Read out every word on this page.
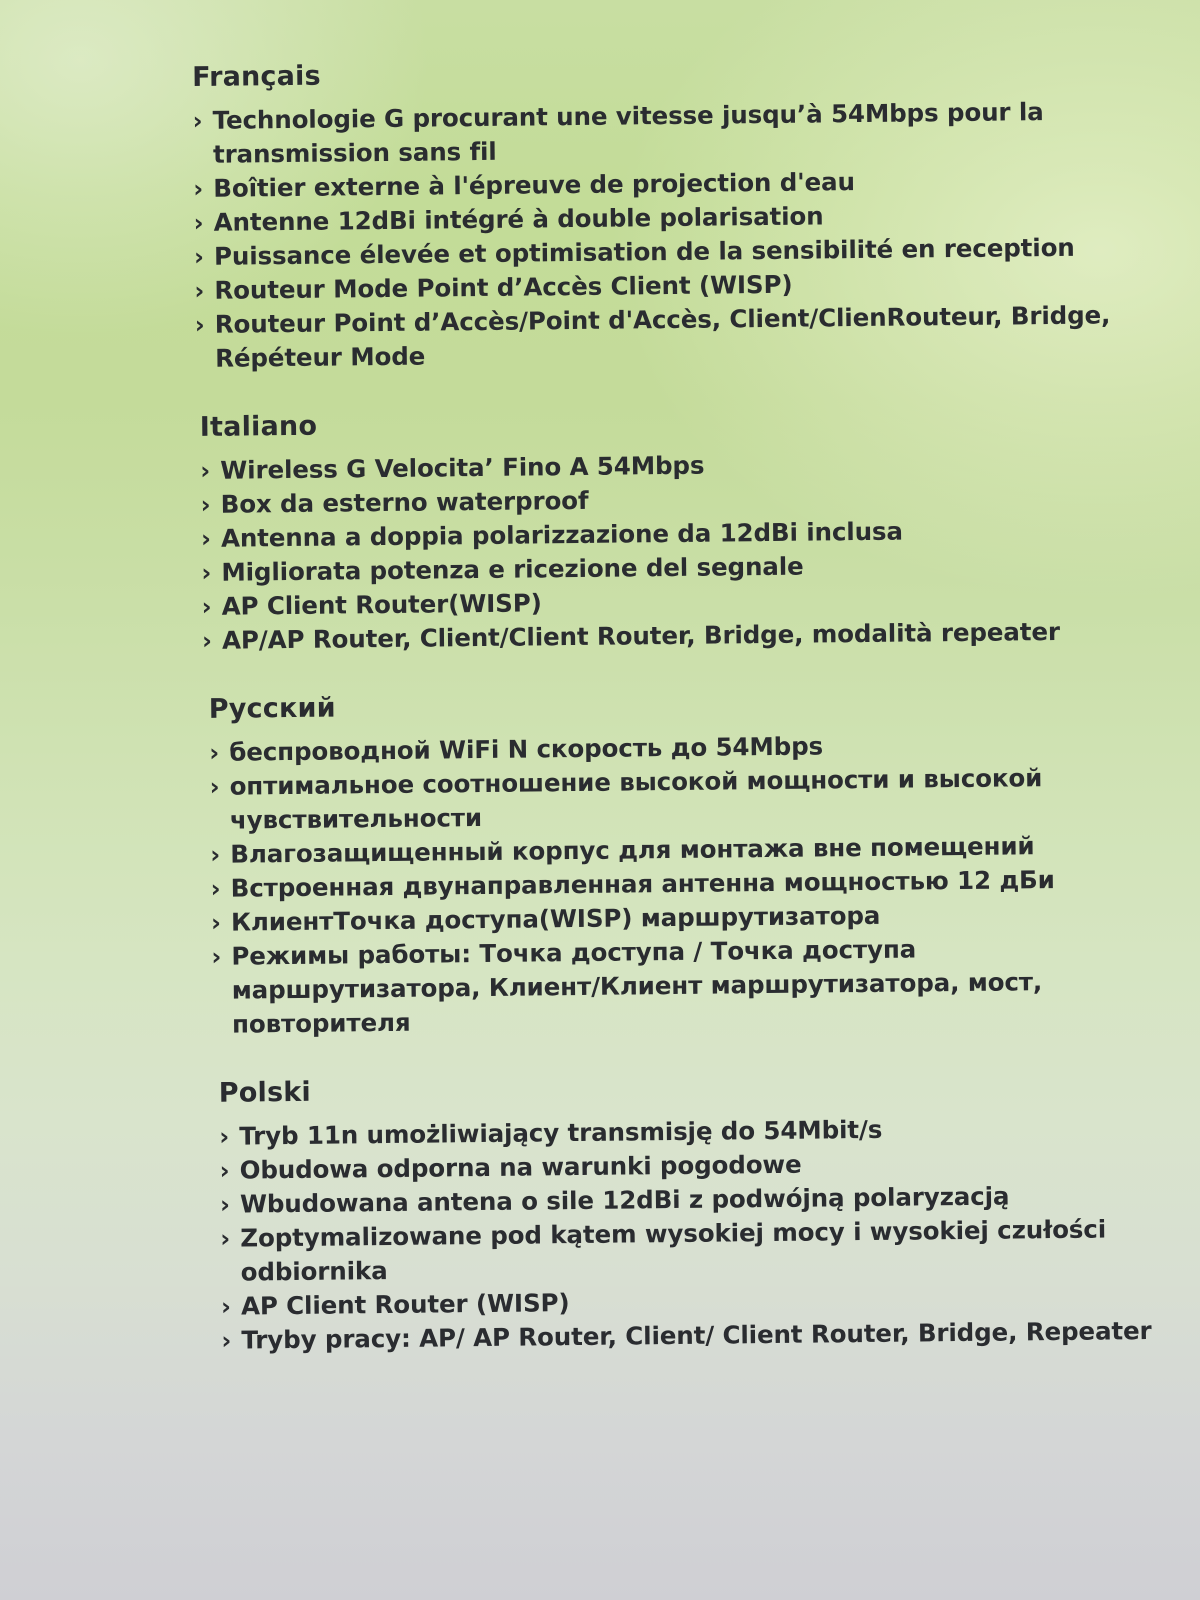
Français
› Technologie G procurant une vitesse jusqu’à 54Mbps pour la transmission sans fil
› Boîtier externe à l'épreuve de projection d'eau
› Antenne 12dBi intégré à double polarisation
› Puissance élevée et optimisation de la sensibilité en reception
› Routeur Mode Point d’Accès Client (WISP)
› Routeur Point d’Accès/Point d'Accès, Client/ClienRouteur, Bridge, Répéteur Mode
Italiano
› Wireless G Velocita’ Fino A 54Mbps
› Box da esterno waterproof
› Antenna a doppia polarizzazione da 12dBi inclusa
› Migliorata potenza e ricezione del segnale
› AP Client Router(WISP)
› AP/AP Router, Client/Client Router, Bridge, modalità repeater
Русский
› беспроводной WiFi N скорость до 54Mbps
› оптимальное соотношение высокой мощности и высокой чувствительности
› Влагозащищенный корпус для монтажа вне помещений
› Встроенная двунаправленная антенна мощностью 12 дБи
› КлиентТочка доступа(WISP) маршрутизатора
› Режимы работы: Точка доступа / Точка доступа маршрутизатора, Клиент/Клиент маршрутизатора, мост, повторителя
Polski
› Tryb 11n umożliwiający transmisję do 54Mbit/s
› Obudowa odporna na warunki pogodowe
› Wbudowana antena o sile 12dBi z podwójną polaryzacją
› Zoptymalizowane pod kątem wysokiej mocy i wysokiej czułości odbiornika
› AP Client Router (WISP)
› Tryby pracy: AP/ AP Router, Client/ Client Router, Bridge, Repeater
